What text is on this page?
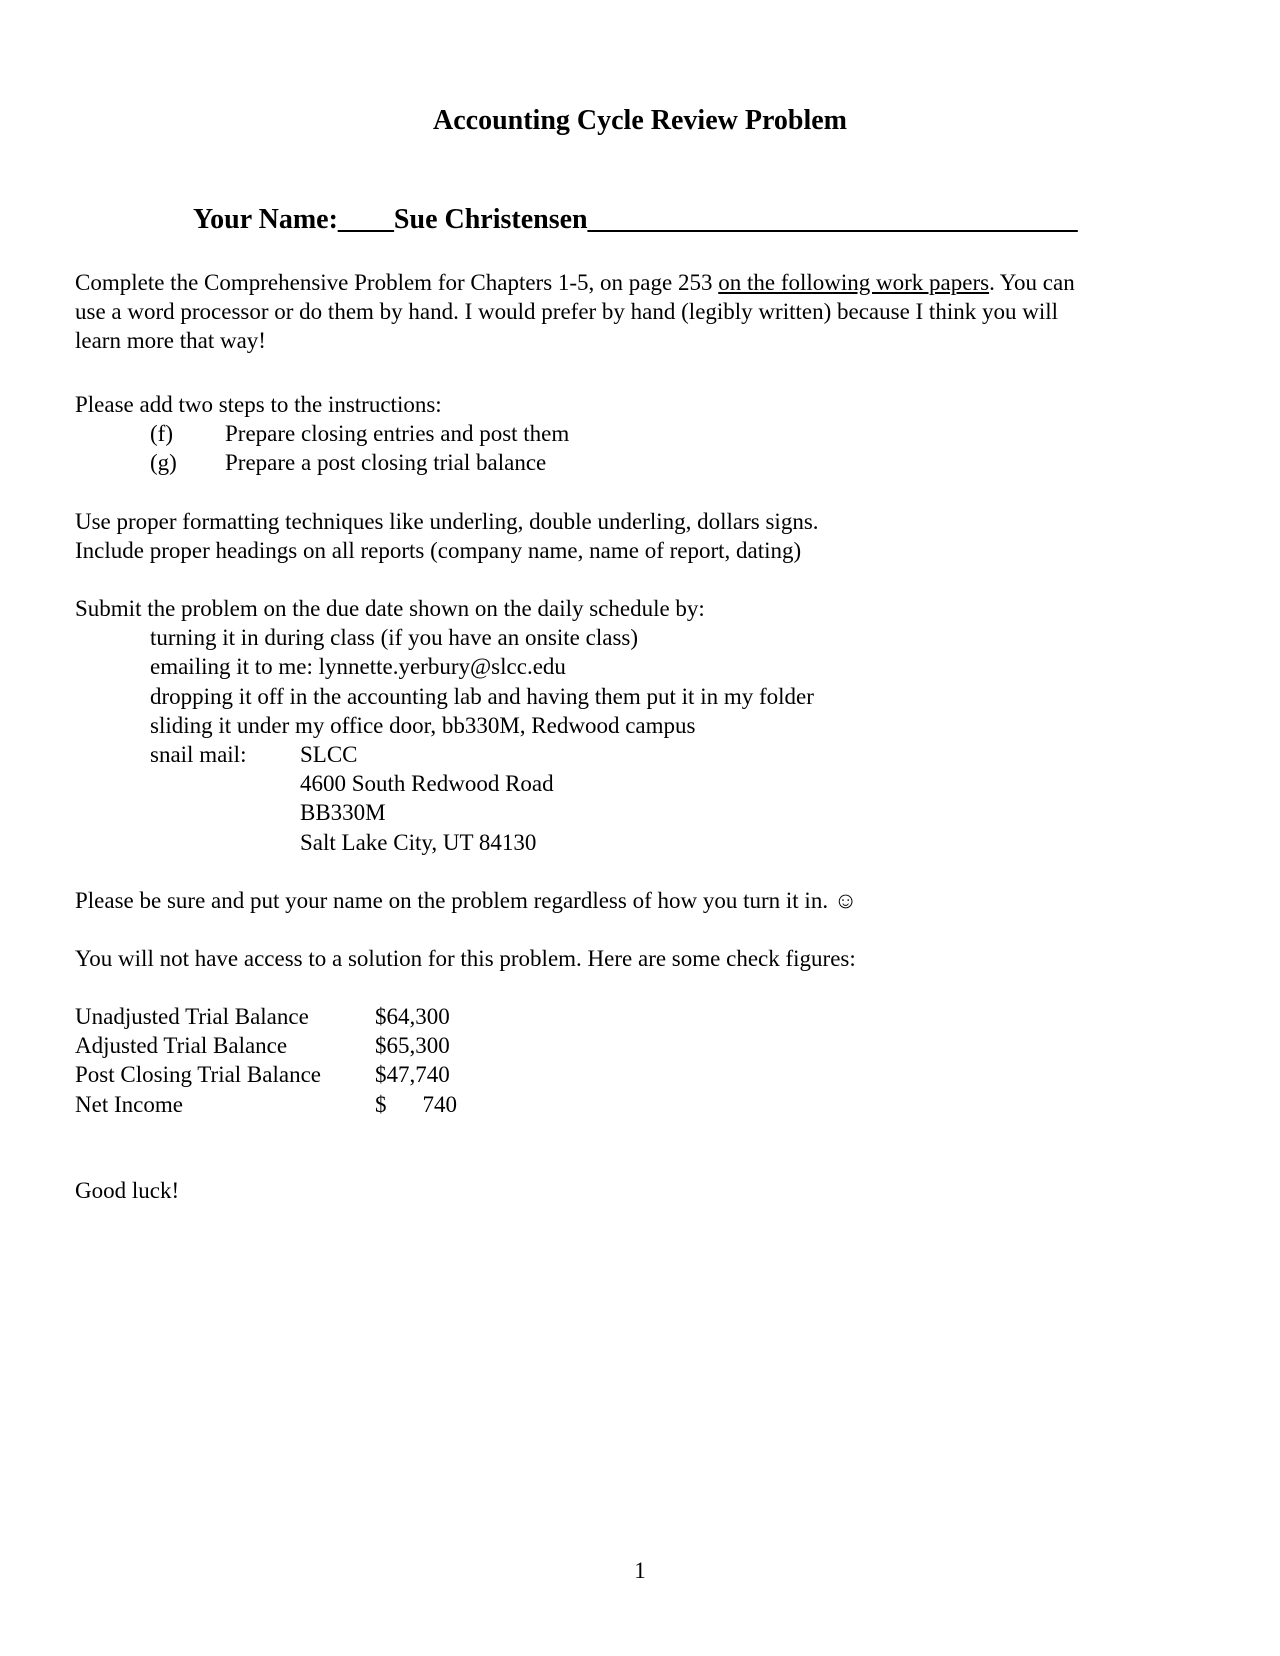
Accounting Cycle Review Problem
Your Name:____Sue Christensen___________________________________
Complete the Comprehensive Problem for Chapters 1-5, on page 253 on the following work papers. You can
use a word processor or do them by hand. I would prefer by hand (legibly written) because I think you will
learn more that way!
Please add two steps to the instructions:
(f) Prepare closing entries and post them
(g) Prepare a post closing trial balance
Use proper formatting techniques like underling, double underling, dollars signs.
Include proper headings on all reports (company name, name of report, dating)
Submit the problem on the due date shown on the daily schedule by:
turning it in during class (if you have an onsite class)
emailing it to me: lynnette.yerbury@slcc.edu
dropping it off in the accounting lab and having them put it in my folder
sliding it under my office door, bb330M, Redwood campus
snail mail: SLCC
4600 South Redwood Road
BB330M
Salt Lake City, UT 84130
Please be sure and put your name on the problem regardless of how you turn it in. ☺
You will not have access to a solution for this problem. Here are some check figures:
Unadjusted Trial Balance	$64,300
Adjusted Trial Balance	$65,300
Post Closing Trial Balance $47,740
Net Income	$ 740
Good luck!
1
